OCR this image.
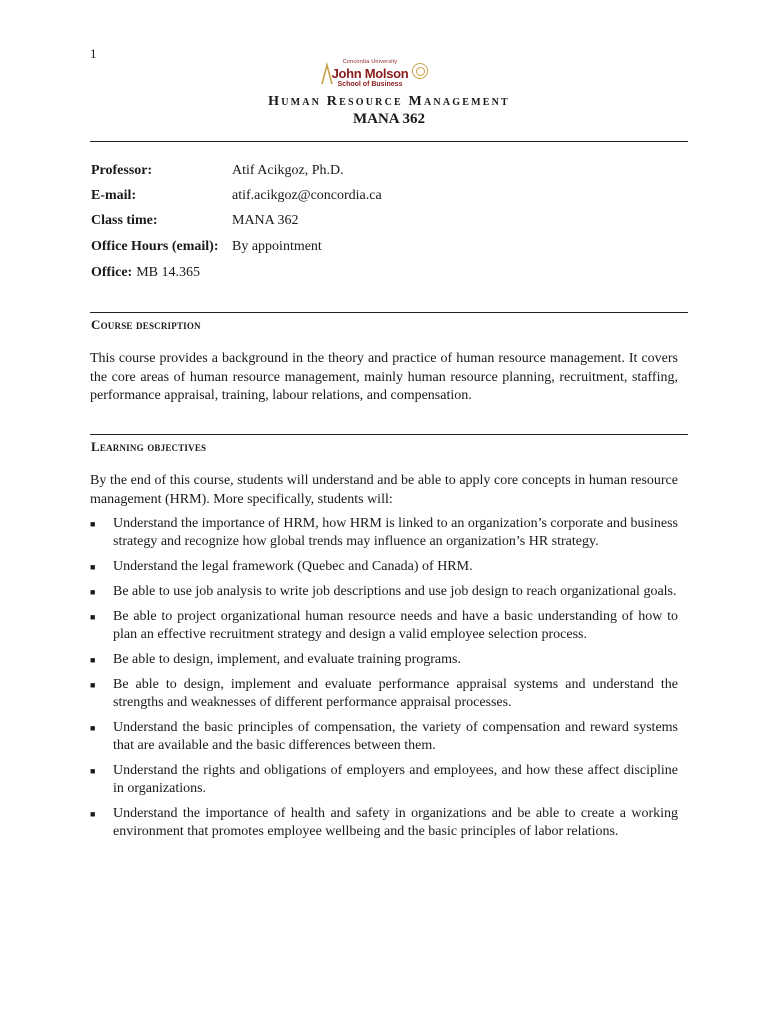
1
Concordia University
John Molson
School of Business
Human Resource Management
MANA 362
Professor:	Atif Acikgoz, Ph.D.
E-mail:	atif.acikgoz@concordia.ca
Class time:	MANA 362
Office Hours (email): By appointment
Office: MB 14.365
Course description
This course provides a background in the theory and practice of human resource management. It covers the core areas of human resource management, mainly human resource planning, recruitment, staffing, performance appraisal, training, labour relations, and compensation.
Learning objectives
By the end of this course, students will understand and be able to apply core concepts in human resource management (HRM). More specifically, students will:
■ Understand the importance of HRM, how HRM is linked to an organization’s corporate and business strategy and recognize how global trends may influence an organization’s HR strategy.
■ Understand the legal framework (Quebec and Canada) of HRM.
■ Be able to use job analysis to write job descriptions and use job design to reach organizational goals.
■ Be able to project organizational human resource needs and have a basic understanding of how to plan an effective recruitment strategy and design a valid employee selection process.
■ Be able to design, implement, and evaluate training programs.
■ Be able to design, implement and evaluate performance appraisal systems and understand the strengths and weaknesses of different performance appraisal processes.
■ Understand the basic principles of compensation, the variety of compensation and reward systems that are available and the basic differences between them.
■ Understand the rights and obligations of employers and employees, and how these affect discipline in organizations.
■ Understand the importance of health and safety in organizations and be able to create a working environment that promotes employee wellbeing and the basic principles of labor relations.
